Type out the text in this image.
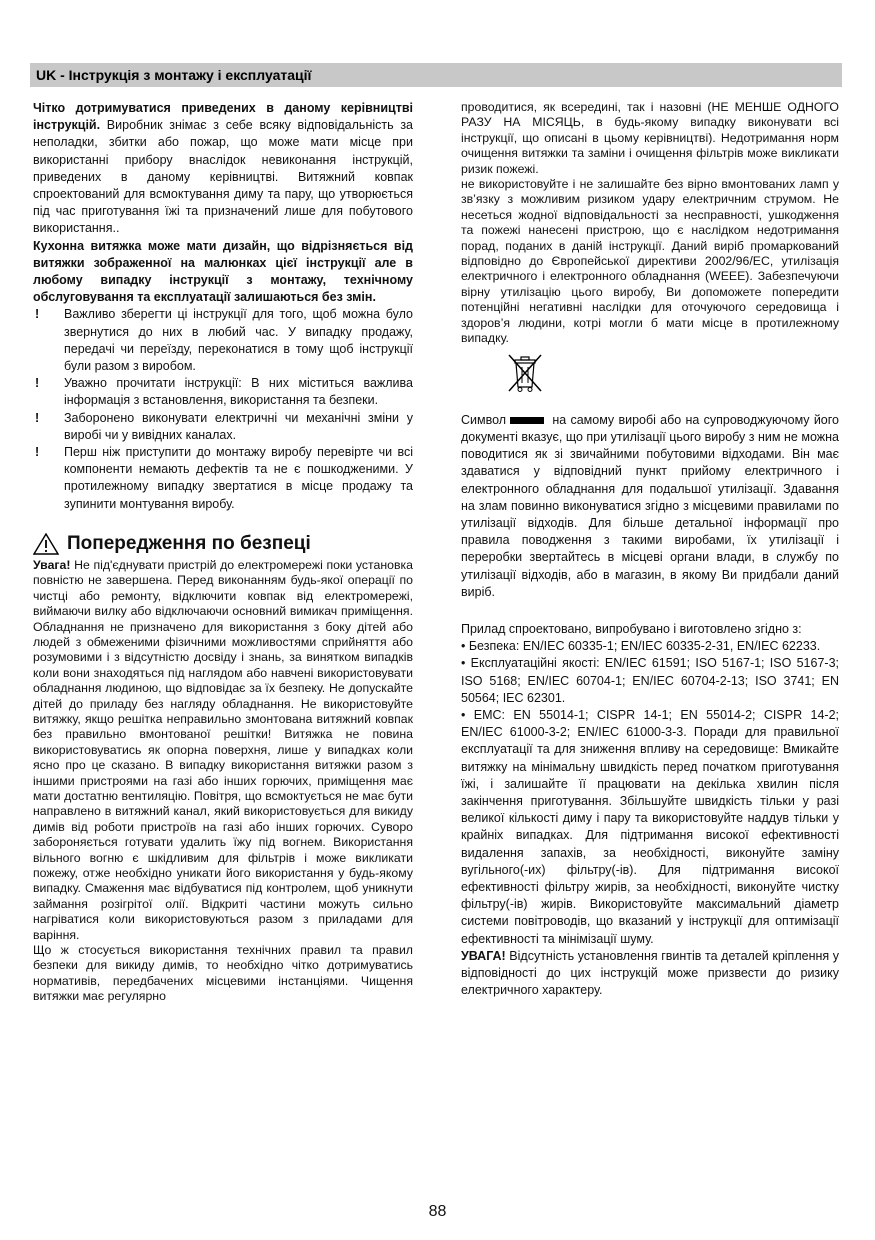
UK - Інструкція з монтажу і експлуатації

Чітко дотримуватися приведених в даному керівництві інструкцій. Виробник знімає з себе всяку відповідальність за неполадки, збитки або пожар, що може мати місце при використанні прибору внаслідок невиконання інструкцій, приведених в даному керівництві. Витяжний ковпак спроектований для всмоктування диму та пару, що утворюється під час приготування їжі та призначений лише для побутового використання..

Кухонна витяжка може мати дизайн, що відрізняється від витяжки зображенної на малюнках цієї інструкції але в любому випадку інструкції з монтажу, технічному обслуговування та експлуатації залишаються без змін.

! Важливо зберегти ці інструкції для того, щоб можна було звернутися до них в любий час. У випадку продажу, передачі чи переїзду, переконатися в тому щоб інструкції були разом з виробом.
! Уважно прочитати інструкції: В них міститься важлива інформація з встановлення, використання та безпеки.
! Заборонено виконувати електричні чи механічні зміни у виробі чи у вивідних каналах.
! Перш ніж приступити до монтажу виробу перевірте чи всі компоненти немають дефектів та не є пошкодженими. У протилежному випадку звертатися в місце продажу та зупинити монтування виробу.
Попередження по безпеці

Увага! Не під'єднувати пристрій до електромережі поки установка повністю не завершена. Перед виконанням будь-якої операції по чистці або ремонту, відключити ковпак від електромережі, виймаючи вилку або відключаючи основний вимикач приміщення. Обладнання не призначено для використання з боку дітей або людей з обмеженими фізичними можливостями сприйняття або розумовими і з відсутністю досвіду і знань, за винятком випадків коли вони знаходяться під наглядом або навчені використовувати обладнання людиною, що відповідає за їх безпеку. Не допускайте дітей до приладу без нагляду обладнання. Не використовуйте витяжку, якщо решітка неправильно змонтована витяжний ковпак без правильно вмонтованої решітки! Витяжка не повина використовуватись як опорна поверхня, лише у випадках коли ясно про це сказано. В випадку використання витяжки разом з іншими пристроями на газі або інших горючих, приміщення має мати достатню вентиляцію. Повітря, що всмоктується не має бути направлено в витяжний канал, який використовується для викиду димів від роботи пристроїв на газі або інших горючих. Суворо забороняється готувати удалить їжу під вогнем. Використання вільного вогню є шкідливим для фільтрів і може викликати пожежу, отже необхідно уникати його використання у будь-якому випадку. Смаження має відбуватися під контролем, щоб уникнути займання розігрітої олії. Відкриті частини можуть сильно нагріватися коли використовуються разом з приладами для варіння.

Що ж стосується використання технічних правил та правил безпеки для викиду димів, то необхідно чітко дотримуватись нормативів, передбачених місцевими інстанціями. Чищення витяжки має регулярно

проводитися, як всередині, так і назовні (НЕ МЕНШЕ ОДНОГО РАЗУ НА МІСЯЦЬ, в будь-якому випадку виконувати всі інструкції, що описані в цьому керівництві). Недотримання норм очищення витяжки та заміни і очищення фільтрів може викликати ризик пожежі.

не використовуйте і не залишайте без вірно вмонтованих ламп у зв’язку з можливим ризиком удару електричним струмом. Не несеться жодної відповідальності за несправності, ушкодження та пожежі нанесені пристрою, що є наслідком недотримання порад, поданих в даній інструкції. Даний виріб промаркований відповідно до Європейської директиви 2002/96/EC, утилізація електричного і електронного обладнання (WEEE). Забезпечуючи вірну утилізацію цього виробу, Ви допоможете попередити потенційні негативні наслідки для оточуючого середовища і здоров’я людини, котрі могли б мати місце в протилежному випадку.

Символ	на самому виробі або на супроводжуючому його документі вказує, що при утилізації цього виробу з ним не можна поводитися як зі звичайними побутовими відходами. Він має здаватися у відповідний пункт прийому електричного і електронного обладнання для подальшої утилізації. Здавання на злам повинно виконуватися згідно з місцевими правилами по утилізації відходів. Для більше детальної інформації про правила поводження з такими виробами, їх утилізації і переробки звертайтесь в місцеві органи влади, в службу по утилізації відходів, або в магазин, в якому Ви придбали даний виріб.

Прилад спроектовано, випробувано і виготовлено згідно з:

• Безпека: EN/IEC 60335-1; EN/IEC 60335-2-31, EN/IEC 62233.

• Експлуатаційні якості: EN/IEC 61591; ISO 5167-1; ISO 5167-3; ISO 5168; EN/IEC 60704-1; EN/IEC 60704-2-13; ISO 3741; EN 50564; IEC 62301.

• EMC: EN 55014-1; CISPR 14-1; EN 55014-2; CISPR 14-2; EN/IEC 61000-3-2; EN/IEC 61000-3-3. Поради для правильної експлуатації та для зниження впливу на середовище: Вмикайте витяжку на мінімальну швидкість перед початком приготування їжі, і залишайте її працювати на декілька хвилин після закінчення приготування. Збільшуйте швидкість тільки у разі великої кількості диму і пару та використовуйте наддув тільки у крайніх випадках. Для підтримання високої ефективності видалення запахів, за необхідності, виконуйте заміну вугільного(-их) фільтру(-ів). Для підтримання високої ефективності фільтру жирів, за необхідності, виконуйте чистку фільтру(-ів) жирів. Використовуйте максимальний діаметр системи повітроводів, що вказаний у інструкції для оптимізації ефективності та мінімізації шуму.

УВАГА! Відсутність установлення гвинтів та деталей кріплення у відповідності до цих інструкцій може призвести до ризику електричного характеру.

88
